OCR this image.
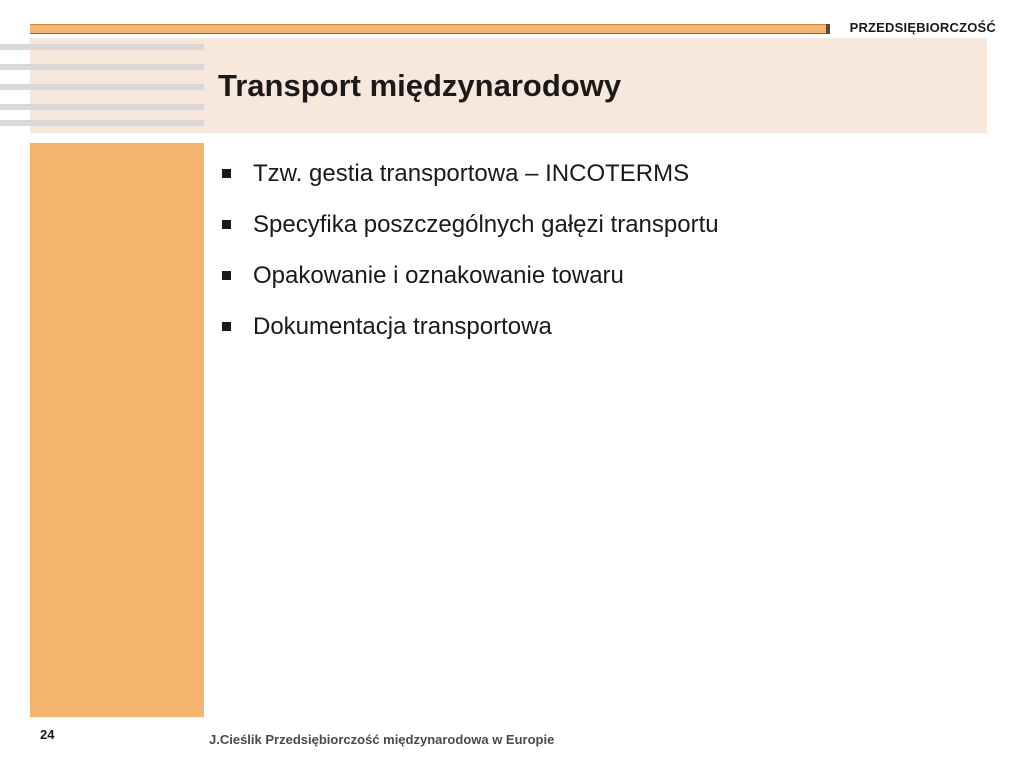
PRZEDSIĘBIORCZOŚĆ
Transport międzynarodowy
Tzw. gestia transportowa – INCOTERMS
Specyfika poszczególnych gałęzi transportu
Opakowanie i oznakowanie towaru
Dokumentacja transportowa
24	J.Cieślik Przedsiębiorczość międzynarodowa w Europie
